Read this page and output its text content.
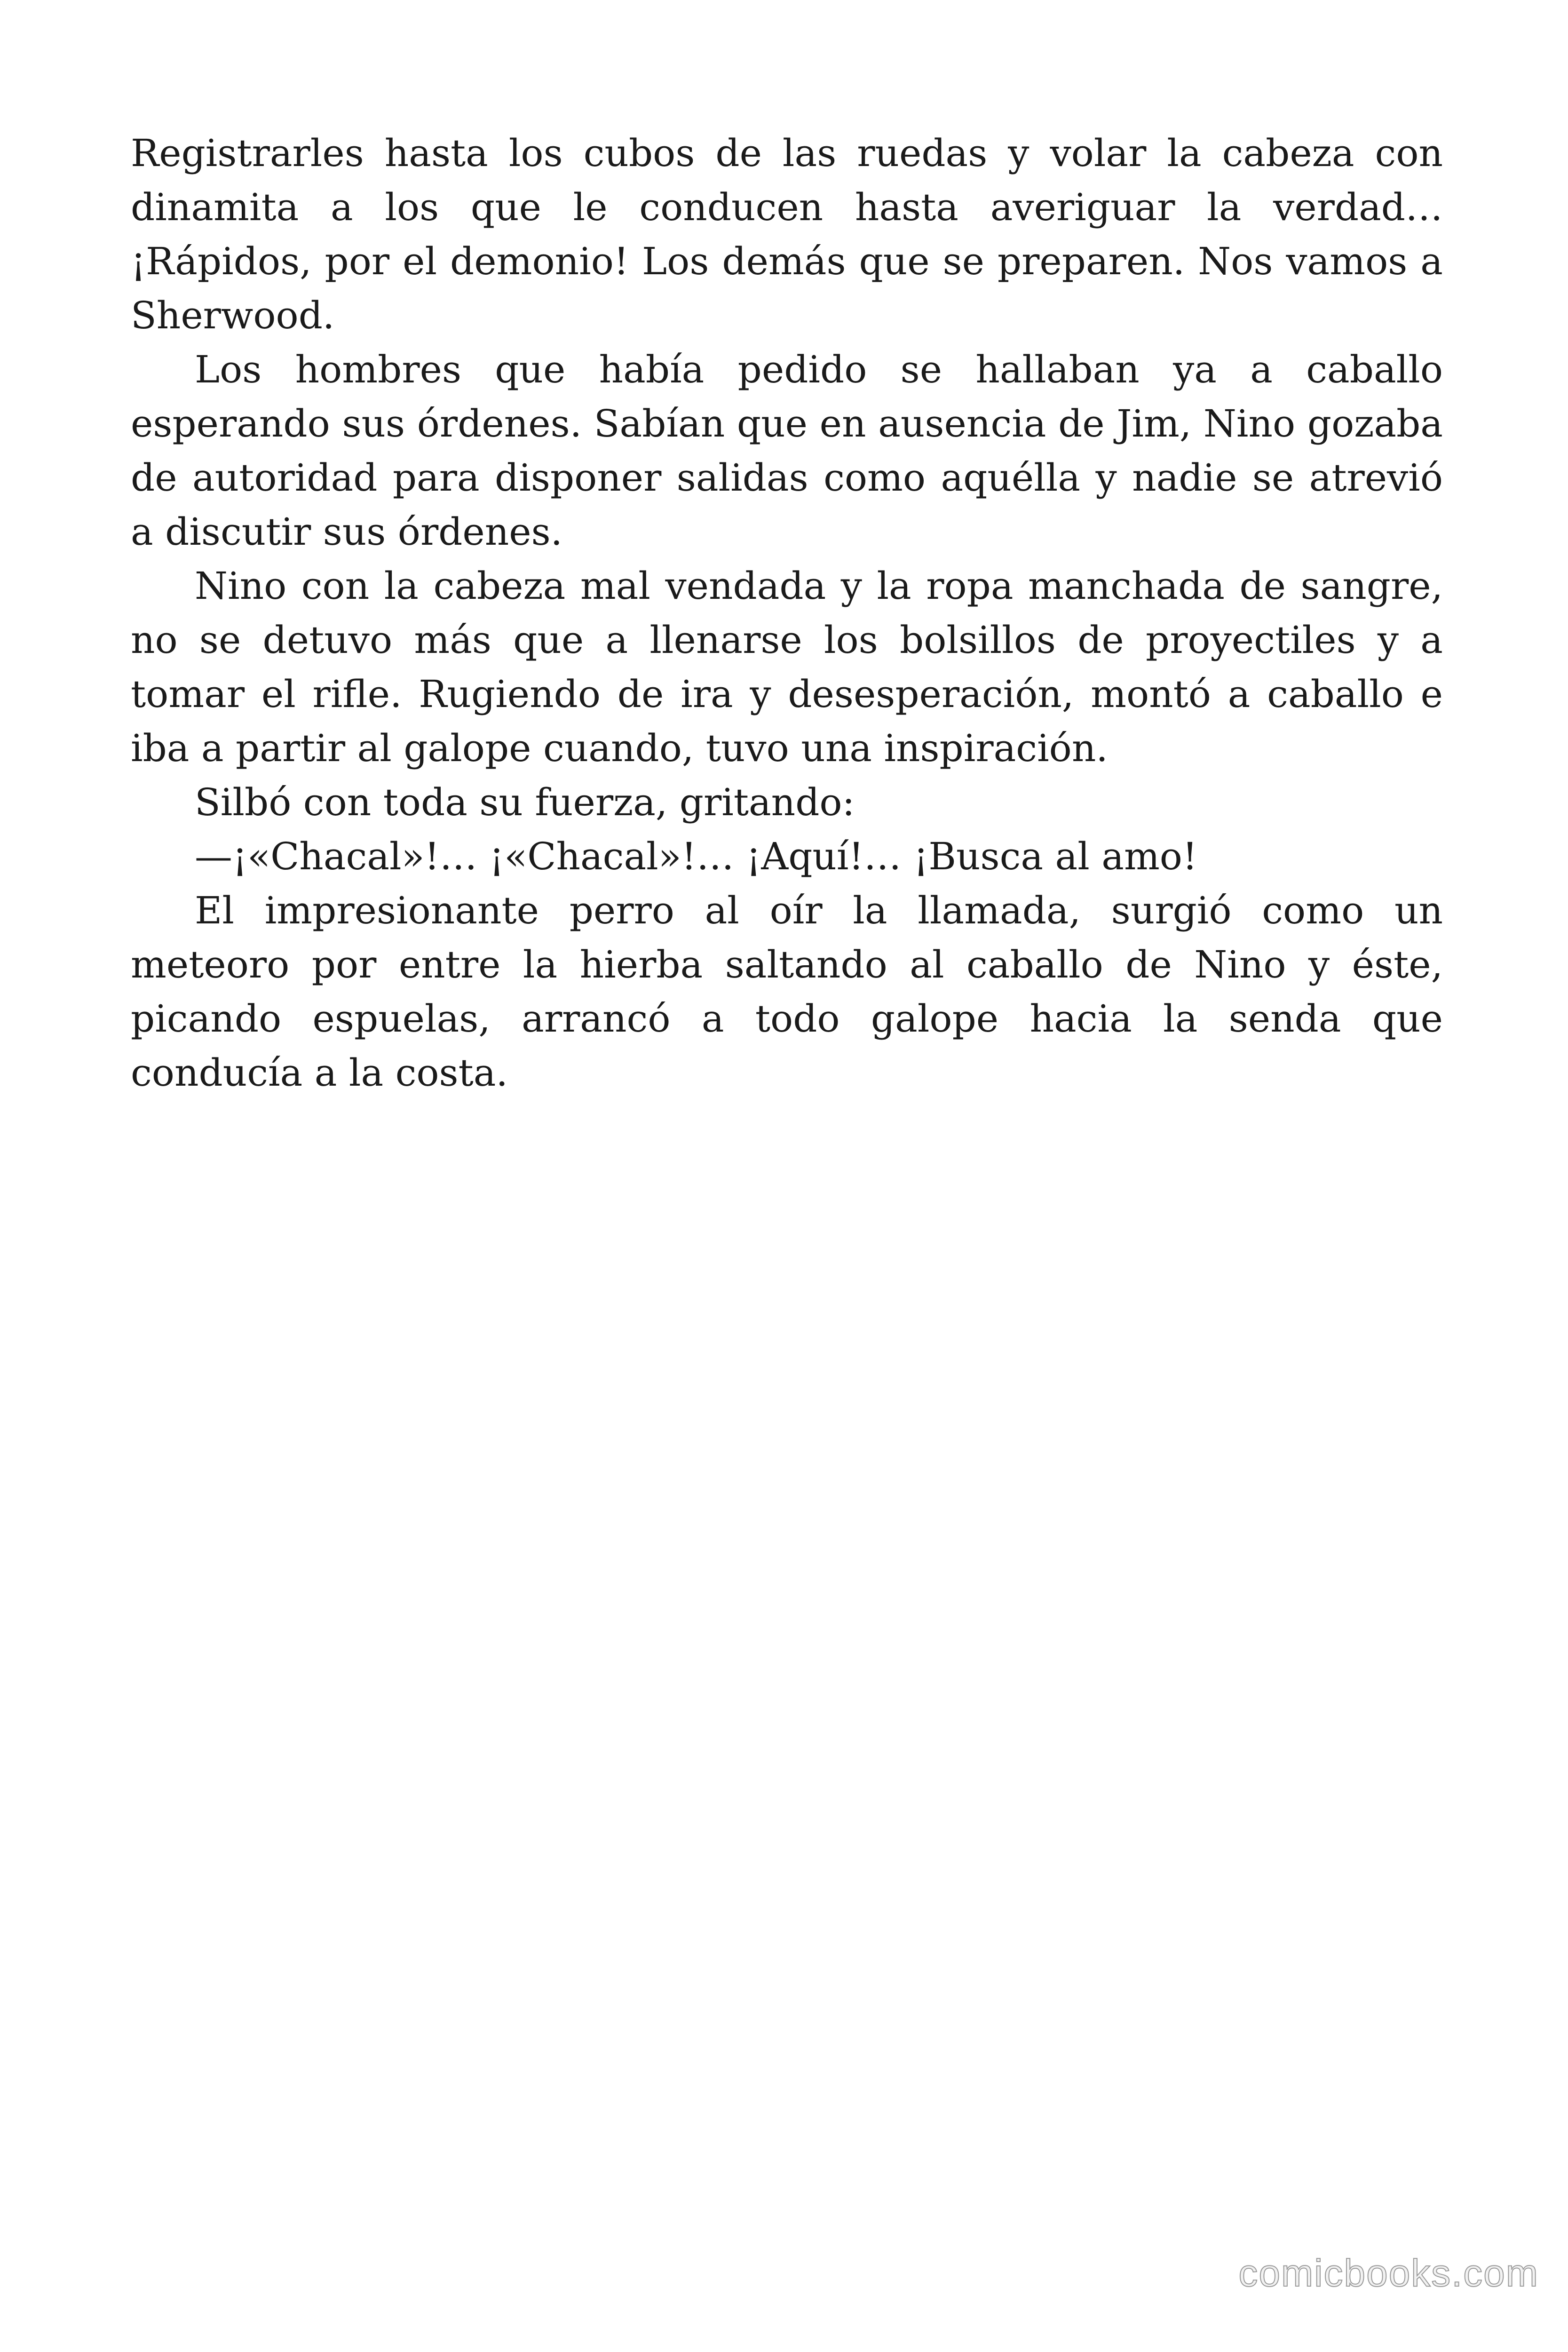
Registrarles hasta los cubos de las ruedas y volar la cabeza con dinamita a los que le conducen hasta averiguar la verdad… ¡Rápidos, por el demonio! Los demás que se preparen. Nos vamos a Sherwood.

Los hombres que había pedido se hallaban ya a caballo esperando sus órdenes. Sabían que en ausencia de Jim, Nino gozaba de autoridad para disponer salidas como aquélla y nadie se atrevió a discutir sus órdenes.

Nino con la cabeza mal vendada y la ropa manchada de sangre, no se detuvo más que a llenarse los bolsillos de proyectiles y a tomar el rifle. Rugiendo de ira y desesperación, montó a caballo e iba a partir al galope cuando, tuvo una inspiración.

Silbó con toda su fuerza, gritando:

—¡«Chacal»!… ¡«Chacal»!… ¡Aquí!… ¡Busca al amo!

El impresionante perro al oír la llamada, surgió como un meteoro por entre la hierba saltando al caballo de Nino y éste, picando espuelas, arrancó a todo galope hacia la senda que conducía a la costa.

comicbooks.com
